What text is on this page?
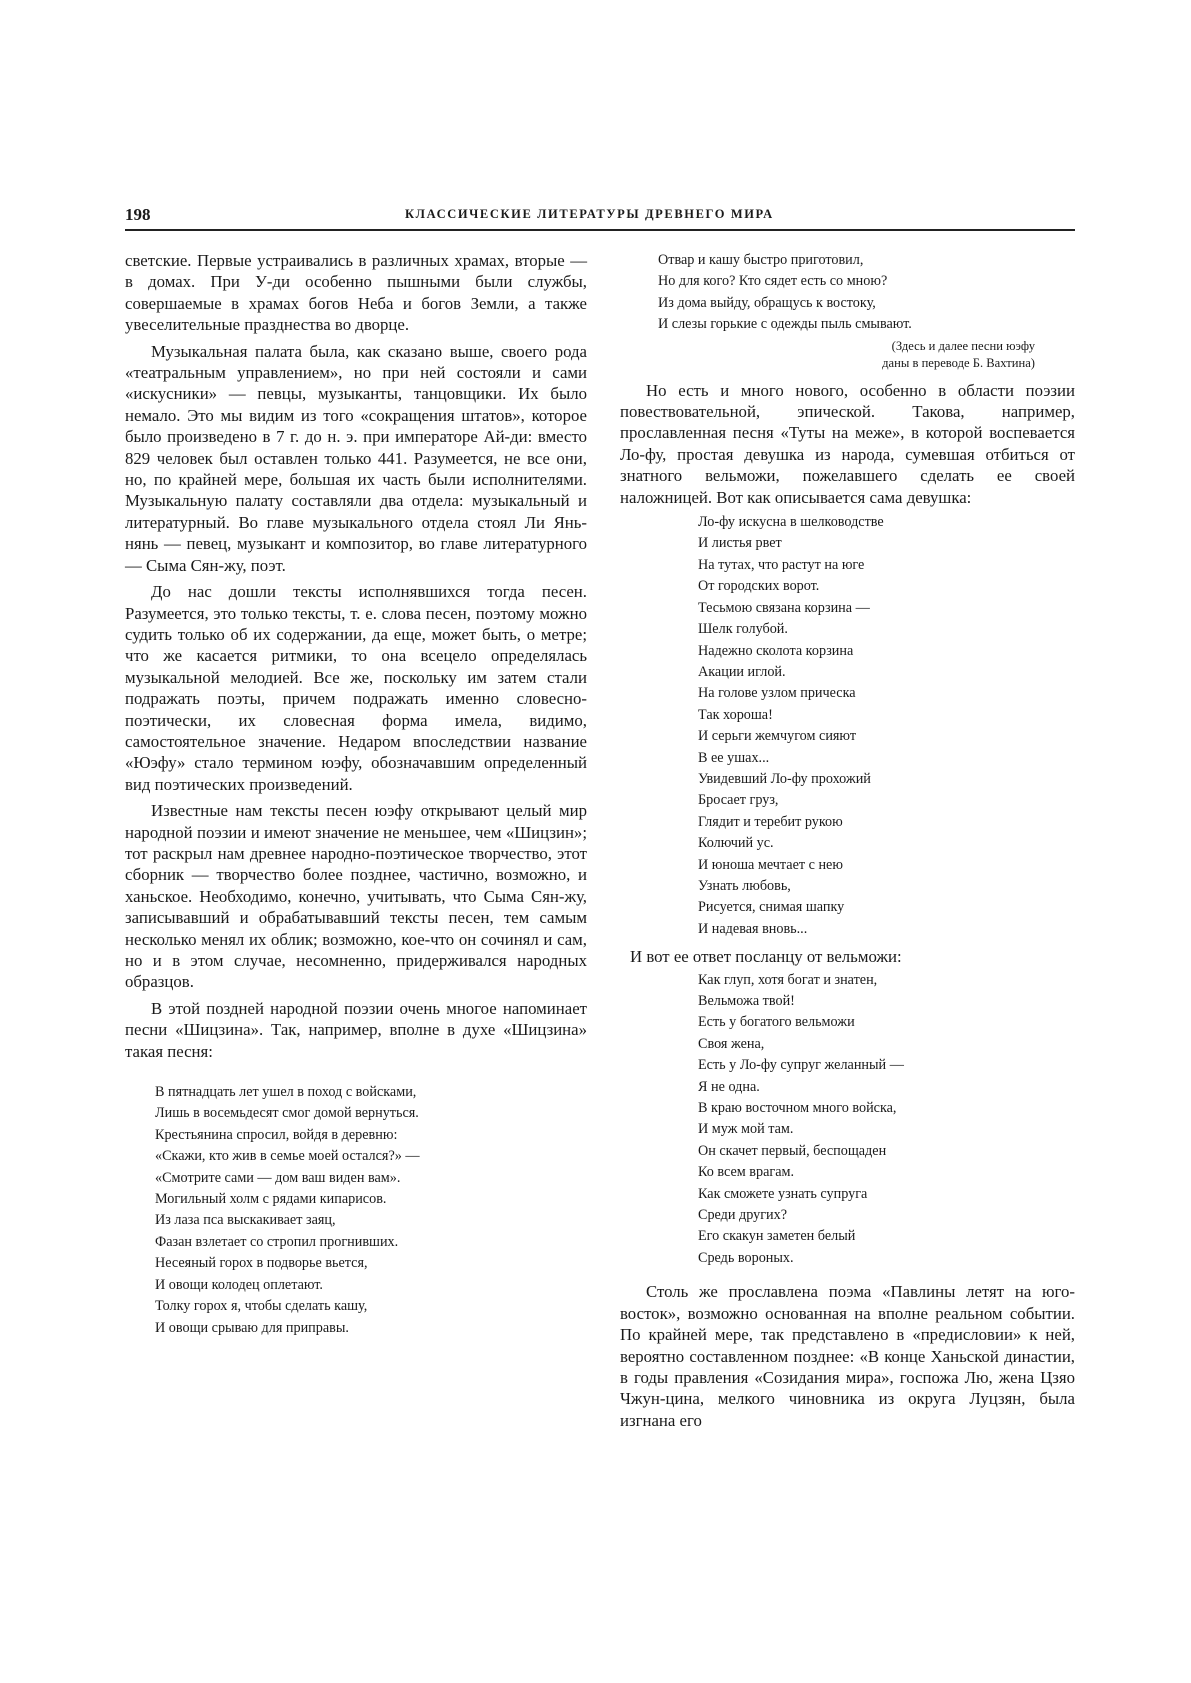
198	КЛАССИЧЕСКИЕ ЛИТЕРАТУРЫ ДРЕВНЕГО МИРА

светские. Первые устраивались в различных храмах, вторые — в домах. При У-ди особенно пышными были службы, совершаемые в храмах богов Неба и богов Земли, а также увеселительные празднества во дворце.

Музыкальная палата была, как сказано выше, своего рода «театральным управлением», но при ней состояли и сами «искусники» — певцы, музыканты, танцовщики. Их было немало. Это мы видим из того «сокращения штатов», которое было произведено в 7 г. до н. э. при императоре Ай-ди: вместо 829 человек был оставлен только 441. Разумеется, не все они, но, по крайней мере, большая их часть были исполнителями. Музыкальную палату составляли два отдела: музыкальный и литературный. Во главе музыкального отдела стоял Ли Янь-нянь — певец, музыкант и композитор, во главе литературного — Сыма Сян-жу, поэт.

До нас дошли тексты исполнявшихся тогда песен. Разумеется, это только тексты, т. е. слова песен, поэтому можно судить только об их содержании, да еще, может быть, о метре; что же касается ритмики, то она всецело определялась музыкальной мелодией. Все же, поскольку им затем стали подражать поэты, причем подражать именно словесно-поэтически, их словесная форма имела, видимо, самостоятельное значение. Недаром впоследствии название «Юэфу» стало термином юэфу, обозначавшим определенный вид поэтических произведений.

Известные нам тексты песен юэфу открывают целый мир народной поэзии и имеют значение не меньшее, чем «Шицзин»; тот раскрыл нам древнее народно-поэтическое творчество, этот сборник — творчество более позднее, частично, возможно, и ханьское. Необходимо, конечно, учитывать, что Сыма Сян-жу, записывавший и обрабатывавший тексты песен, тем самым несколько менял их облик; возможно, кое-что он сочинял и сам, но и в этом случае, несомненно, придерживался народных образцов.

В этой поздней народной поэзии очень многое напоминает песни «Шицзина». Так, например, вполне в духе «Шицзина» такая песня:

В пятнадцать лет ушел в поход с войсками,
Лишь в восемьдесят смог домой вернуться.
Крестьянина спросил, войдя в деревню:
«Скажи, кто жив в семье моей остался?» —
«Смотрите сами — дом ваш виден вам».
Могильный холм с рядами кипарисов.
Из лаза пса выскакивает заяц,
Фазан взлетает со стропил прогнивших.
Несеяный горох в подворье вьется,
И овощи колодец оплетают.
Толку горох я, чтобы сделать кашу,
И овощи срываю для приправы.
Отвар и кашу быстро приготовил,
Но для кого? Кто сядет есть со мною?
Из дома выйду, обращусь к востоку,
И слезы горькие с одежды пыль смывают.
(Здесь и далее песни юэфу
даны в переводе Б. Вахтина)

Но есть и много нового, особенно в области поэзии повествовательной, эпической. Такова, например, прославленная песня «Туты на меже», в которой воспевается Ло-фу, простая девушка из народа, сумевшая отбиться от знатного вельможи, пожелавшего сделать ее своей наложницей. Вот как описывается сама девушка:

Ло-фу искусна в шелководстве
И листья рвет
На тутах, что растут на юге
От городских ворот.
Тесьмою связана корзина —
Шелк голубой.
Надежно сколота корзина
Акации иглой.
На голове узлом прическа
Так хороша!
И серьги жемчугом сияют
В ее ушах...
Увидевший Ло-фу прохожий
Бросает груз,
Глядит и теребит рукою
Колючий ус.
И юноша мечтает с нею
Узнать любовь,
Рисуется, снимая шапку
И надевая вновь...

И вот ее ответ посланцу от вельможи:

Как глуп, хотя богат и знатен,
Вельможа твой!
Есть у богатого вельможи
Своя жена,
Есть у Ло-фу супруг желанный —
Я не одна.
В краю восточном много войска,
И муж мой там.
Он скачет первый, беспощаден
Ко всем врагам.
Как сможете узнать супруга
Среди других?
Его скакун заметен белый
Средь вороных.

Столь же прославлена поэма «Павлины летят на юго-восток», возможно основанная на вполне реальном событии. По крайней мере, так представлено в «предисловии» к ней, вероятно составленном позднее: «В конце Ханьской династии, в годы правления «Созидания мира», госпожа Лю, жена Цзяо Чжун-цина, мелкого чиновника из округа Луцзян, была изгнана его
